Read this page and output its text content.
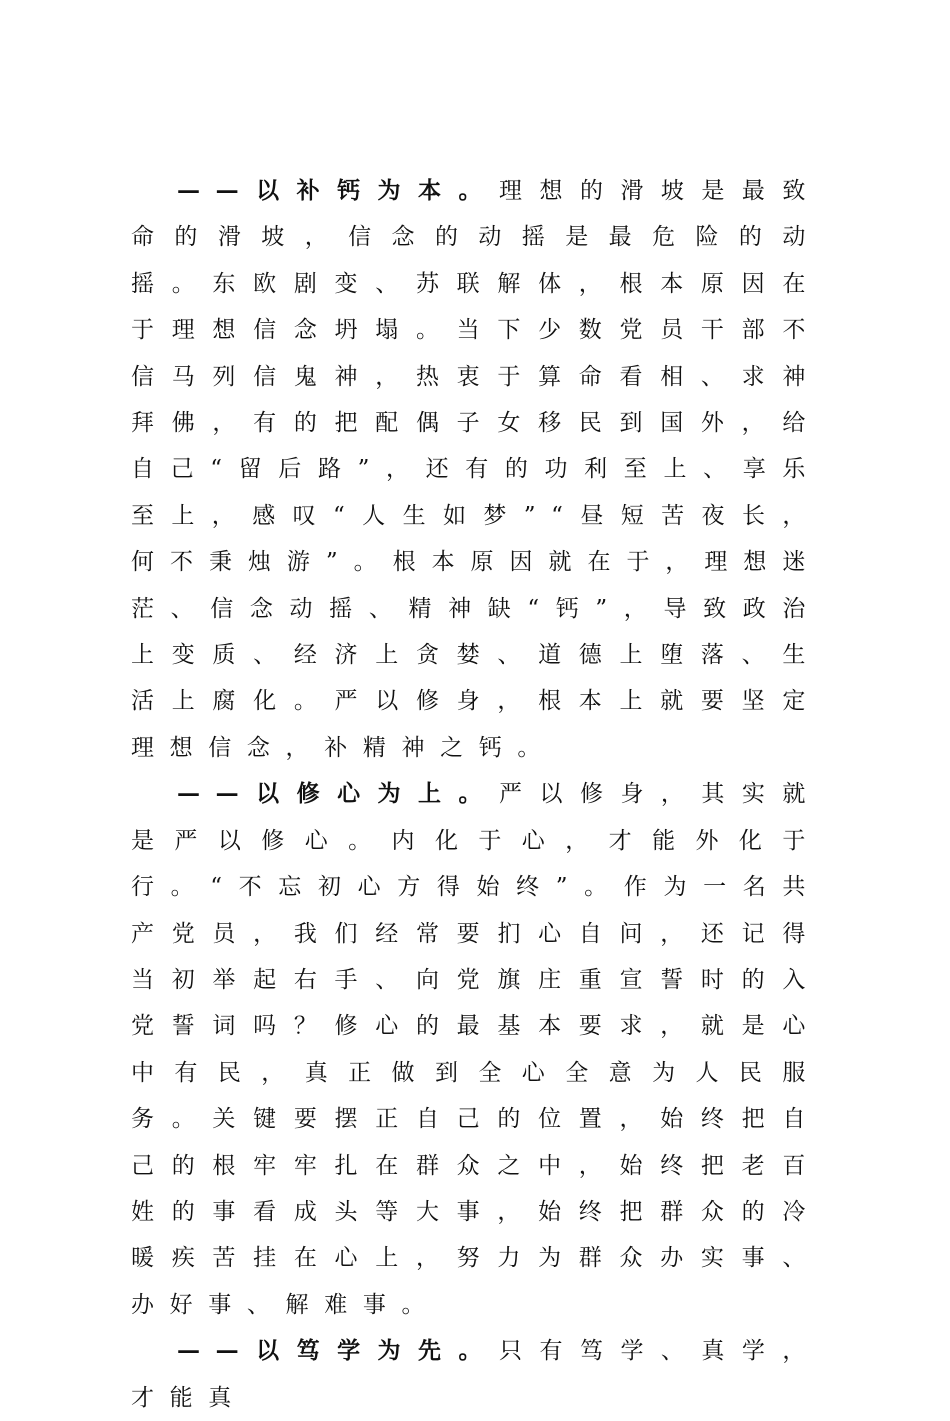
——以补钙为本。理想的滑坡是最致命的滑坡，信念的动摇是最危险的动摇。东欧剧变、苏联解体，根本原因在于理想信念坍塌。当下少数党员干部不信马列信鬼神，热衷于算命看相、求神拜佛，有的把配偶子女移民到国外，给自己“留后路”，还有的功利至上、享乐至上，感叹“人生如梦”“昼短苦夜长，何不秉烛游”。根本原因就在于，理想迷茫、信念动摇、精神缺“钙”，导致政治上变质、经济上贪婪、道德上堕落、生活上腐化。严以修身，根本上就要坚定理想信念，补精神之钙。

——以修心为上。严以修身，其实就是严以修心。内化于心，才能外化于行。“不忘初心方得始终”。作为一名共产党员，我们经常要扪心自问，还记得当初举起右手、向党旗庄重宣誓时的入党誓词吗？修心的最基本要求，就是心中有民，真正做到全心全意为人民服务。关键要摆正自己的位置，始终把自己的根牢牢扎在群众之中，始终把老百姓的事看成头等大事，始终把群众的冷暖疾苦挂在心上，努力为群众办实事、办好事、解难事。

——以笃学为先。只有笃学、真学，才能真
